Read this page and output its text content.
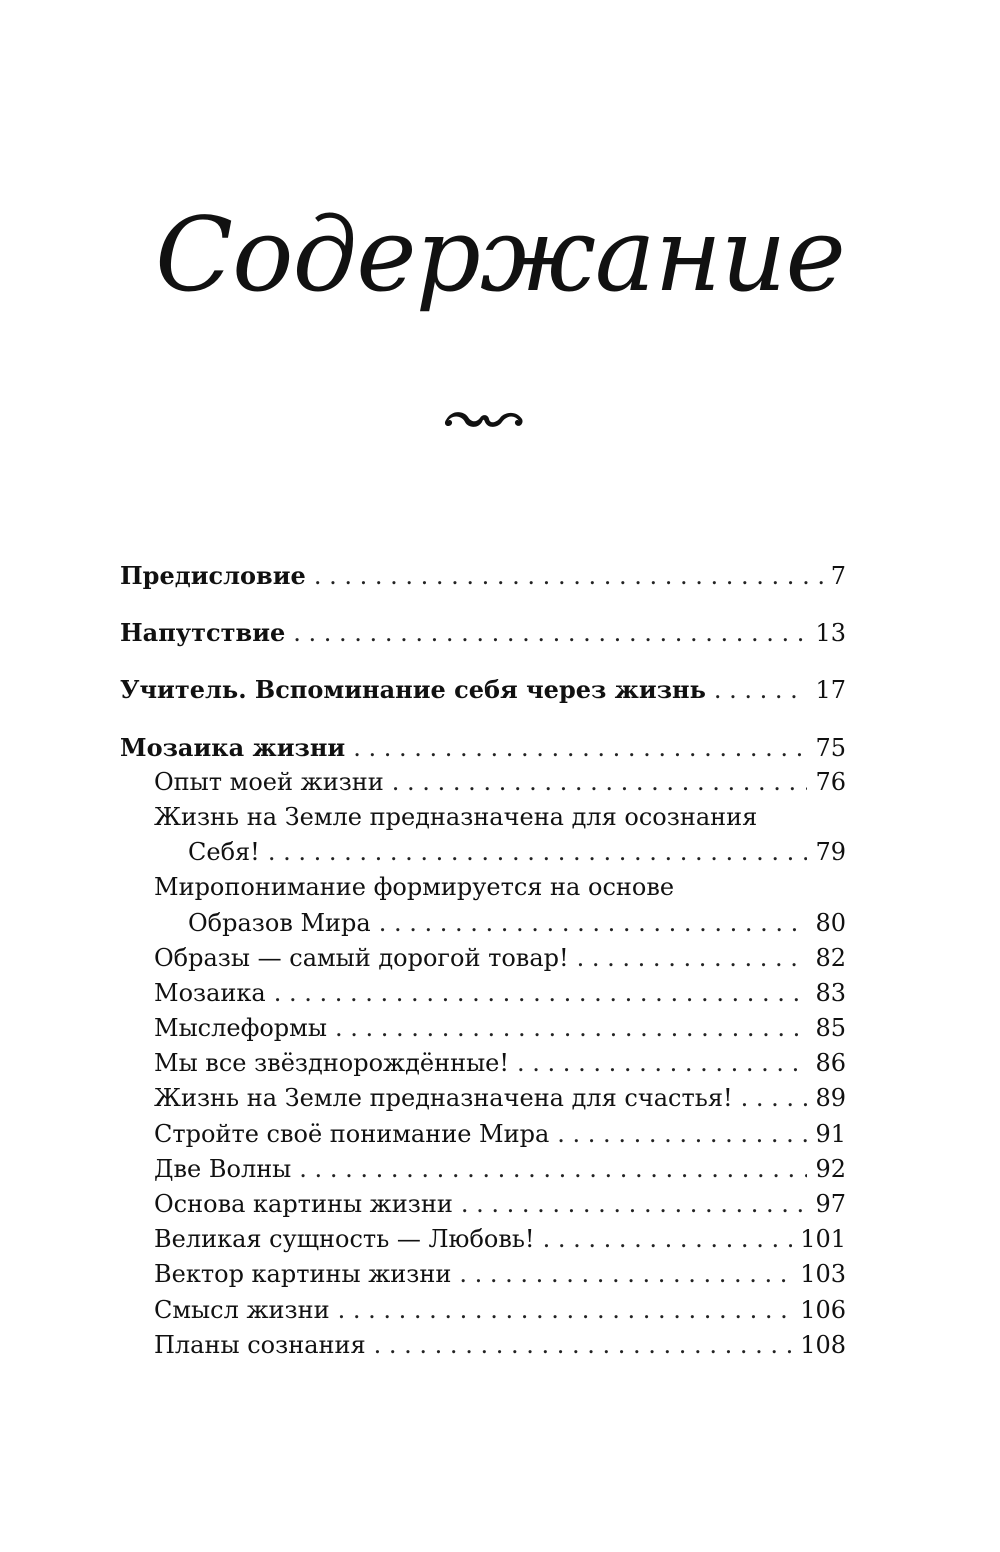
Содержание
Предисловие . . .	7
Напутствие . . .	13
Учитель. Вспоминание себя через жизнь . . .	17
Мозаика жизни . . .	75
Опыт моей жизни . . .	76
Жизнь на Земле предназначена для осознания
Себя! . . .	79
Миропонимание формируется на основе
Образов Мира . . .	80
Образы — самый дорогой товар! . . .	82
Мозаика . . .	83
Мыслеформы . . .	85
Мы все звёзднорождённые! . . .	86
Жизнь на Земле предназначена для счастья! . . .	89
Стройте своё понимание Мира . . .	91
Две Волны . . .	92
Основа картины жизни . . .	97
Великая сущность — Любовь! . . .	101
Вектор картины жизни . . .	103
Смысл жизни . . .	106
Планы сознания . . .	108
